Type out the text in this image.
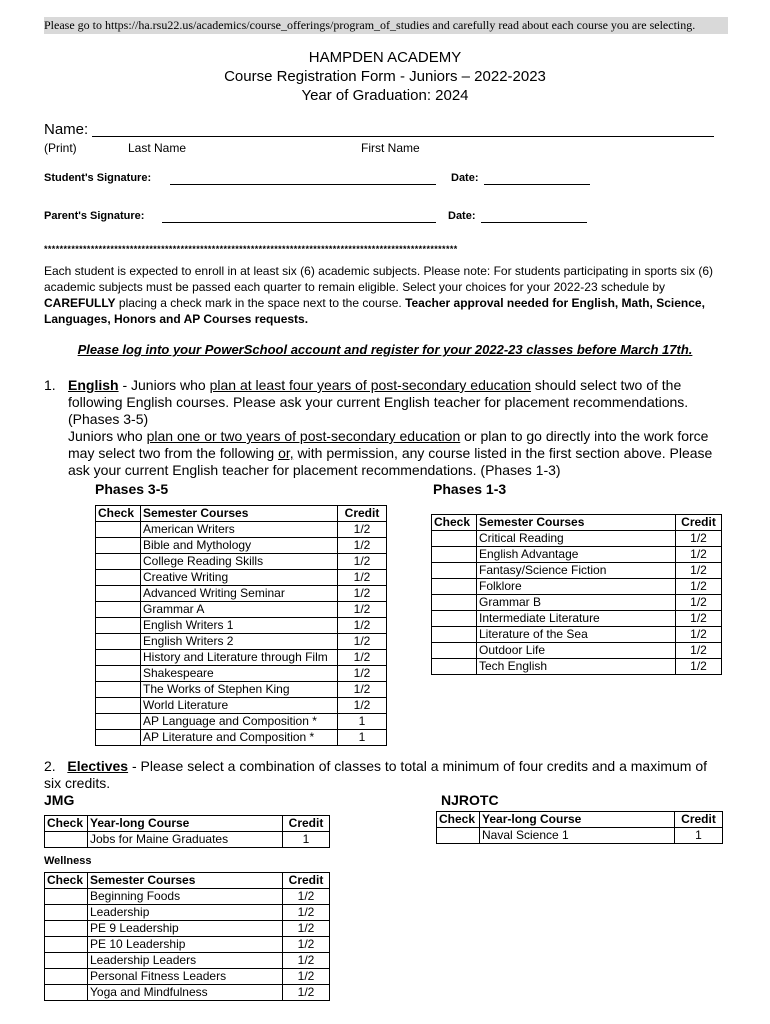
Please go to https://ha.rsu22.us/academics/course_offerings/program_of_studies and carefully read about each course you are selecting.
HAMPDEN ACADEMY
Course Registration Form - Juniors – 2022-2023
Year of Graduation: 2024
Name:
(Print)	Last Name	First Name
Student's Signature:	Date:
Parent's Signature:	Date:
**********************************************************************************************************
Each student is expected to enroll in at least six (6) academic subjects. Please note: For students participating in sports six (6) academic subjects must be passed each quarter to remain eligible. Select your choices for your 2022-23 schedule by CAREFULLY placing a check mark in the space next to the course. Teacher approval needed for English, Math, Science, Languages, Honors and AP Courses requests.
Please log into your PowerSchool account and register for your 2022-23 classes before March 17th.
1. English - Juniors who plan at least four years of post-secondary education should select two of the following English courses. Please ask your current English teacher for placement recommendations. (Phases 3-5)
Juniors who plan one or two years of post-secondary education or plan to go directly into the work force may select two from the following or, with permission, any course listed in the first section above. Please ask your current English teacher for placement recommendations. (Phases 1-3)
Phases 3-5	Phases 1-3
Check	Semester Courses	Credit
	American Writers	1/2
	Bible and Mythology	1/2
	College Reading Skills	1/2
	Creative Writing	1/2
	Advanced Writing Seminar	1/2
	Grammar A	1/2
	English Writers 1	1/2
	English Writers 2	1/2
	History and Literature through Film	1/2
	Shakespeare	1/2
	The Works of Stephen King	1/2
	World Literature	1/2
	AP Language and Composition *	1
	AP Literature and Composition *	1
Check	Semester Courses	Credit
	Critical Reading	1/2
	English Advantage	1/2
	Fantasy/Science Fiction	1/2
	Folklore	1/2
	Grammar B	1/2
	Intermediate Literature	1/2
	Literature of the Sea	1/2
	Outdoor Life	1/2
	Tech English	1/2
2. Electives - Please select a combination of classes to total a minimum of four credits and a maximum of six credits.
JMG	NJROTC
Check	Year-long Course	Credit
	Jobs for Maine Graduates	1
Check	Year-long Course	Credit
	Naval Science 1	1
Wellness
Check	Semester Courses	Credit
	Beginning Foods	1/2
	Leadership	1/2
	PE 9 Leadership	1/2
	PE 10 Leadership	1/2
	Leadership Leaders	1/2
	Personal Fitness Leaders	1/2
	Yoga and Mindfulness	1/2
